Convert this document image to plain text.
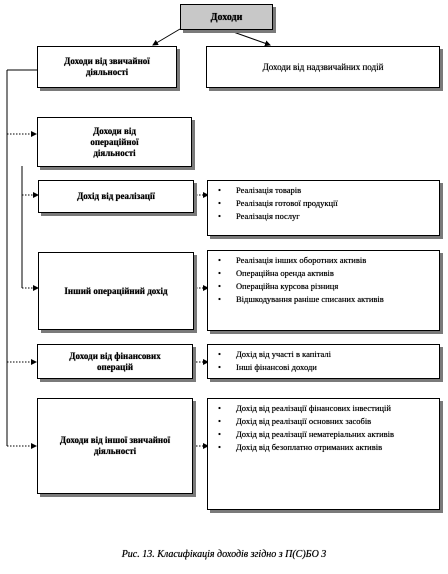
Доходи
Доходи від звичайної діяльності
Доходи від надзвичайних подій
Доходи від операційної діяльності
Дохід від реалізації
• Реалізація товарів
• Реалізація готової продукції
• Реалізація послуг
Інший операційний дохід
• Реалізація інших оборотних активів
• Операційна оренда активів
• Операційна курсова різниця
• Відшкодування раніше списаних активів
Доходи від фінансових операцій
• Дохід від участі в капіталі
• Інші фінансові доходи
Доходи від іншої звичайної діяльності
• Дохід від реалізації фінансових інвестицій
• Дохід від реалізації основних засобів
• Дохід від реалізації нематеріальних активів
• Дохід від безоплатно отриманих активів
Рис. 13. Класифікація доходів згідно з П(С)БО 3
